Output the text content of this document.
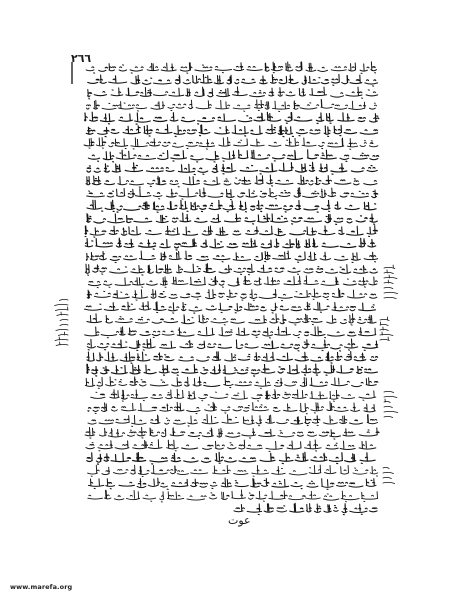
٢٦٦
عوت
www.marefa.org
